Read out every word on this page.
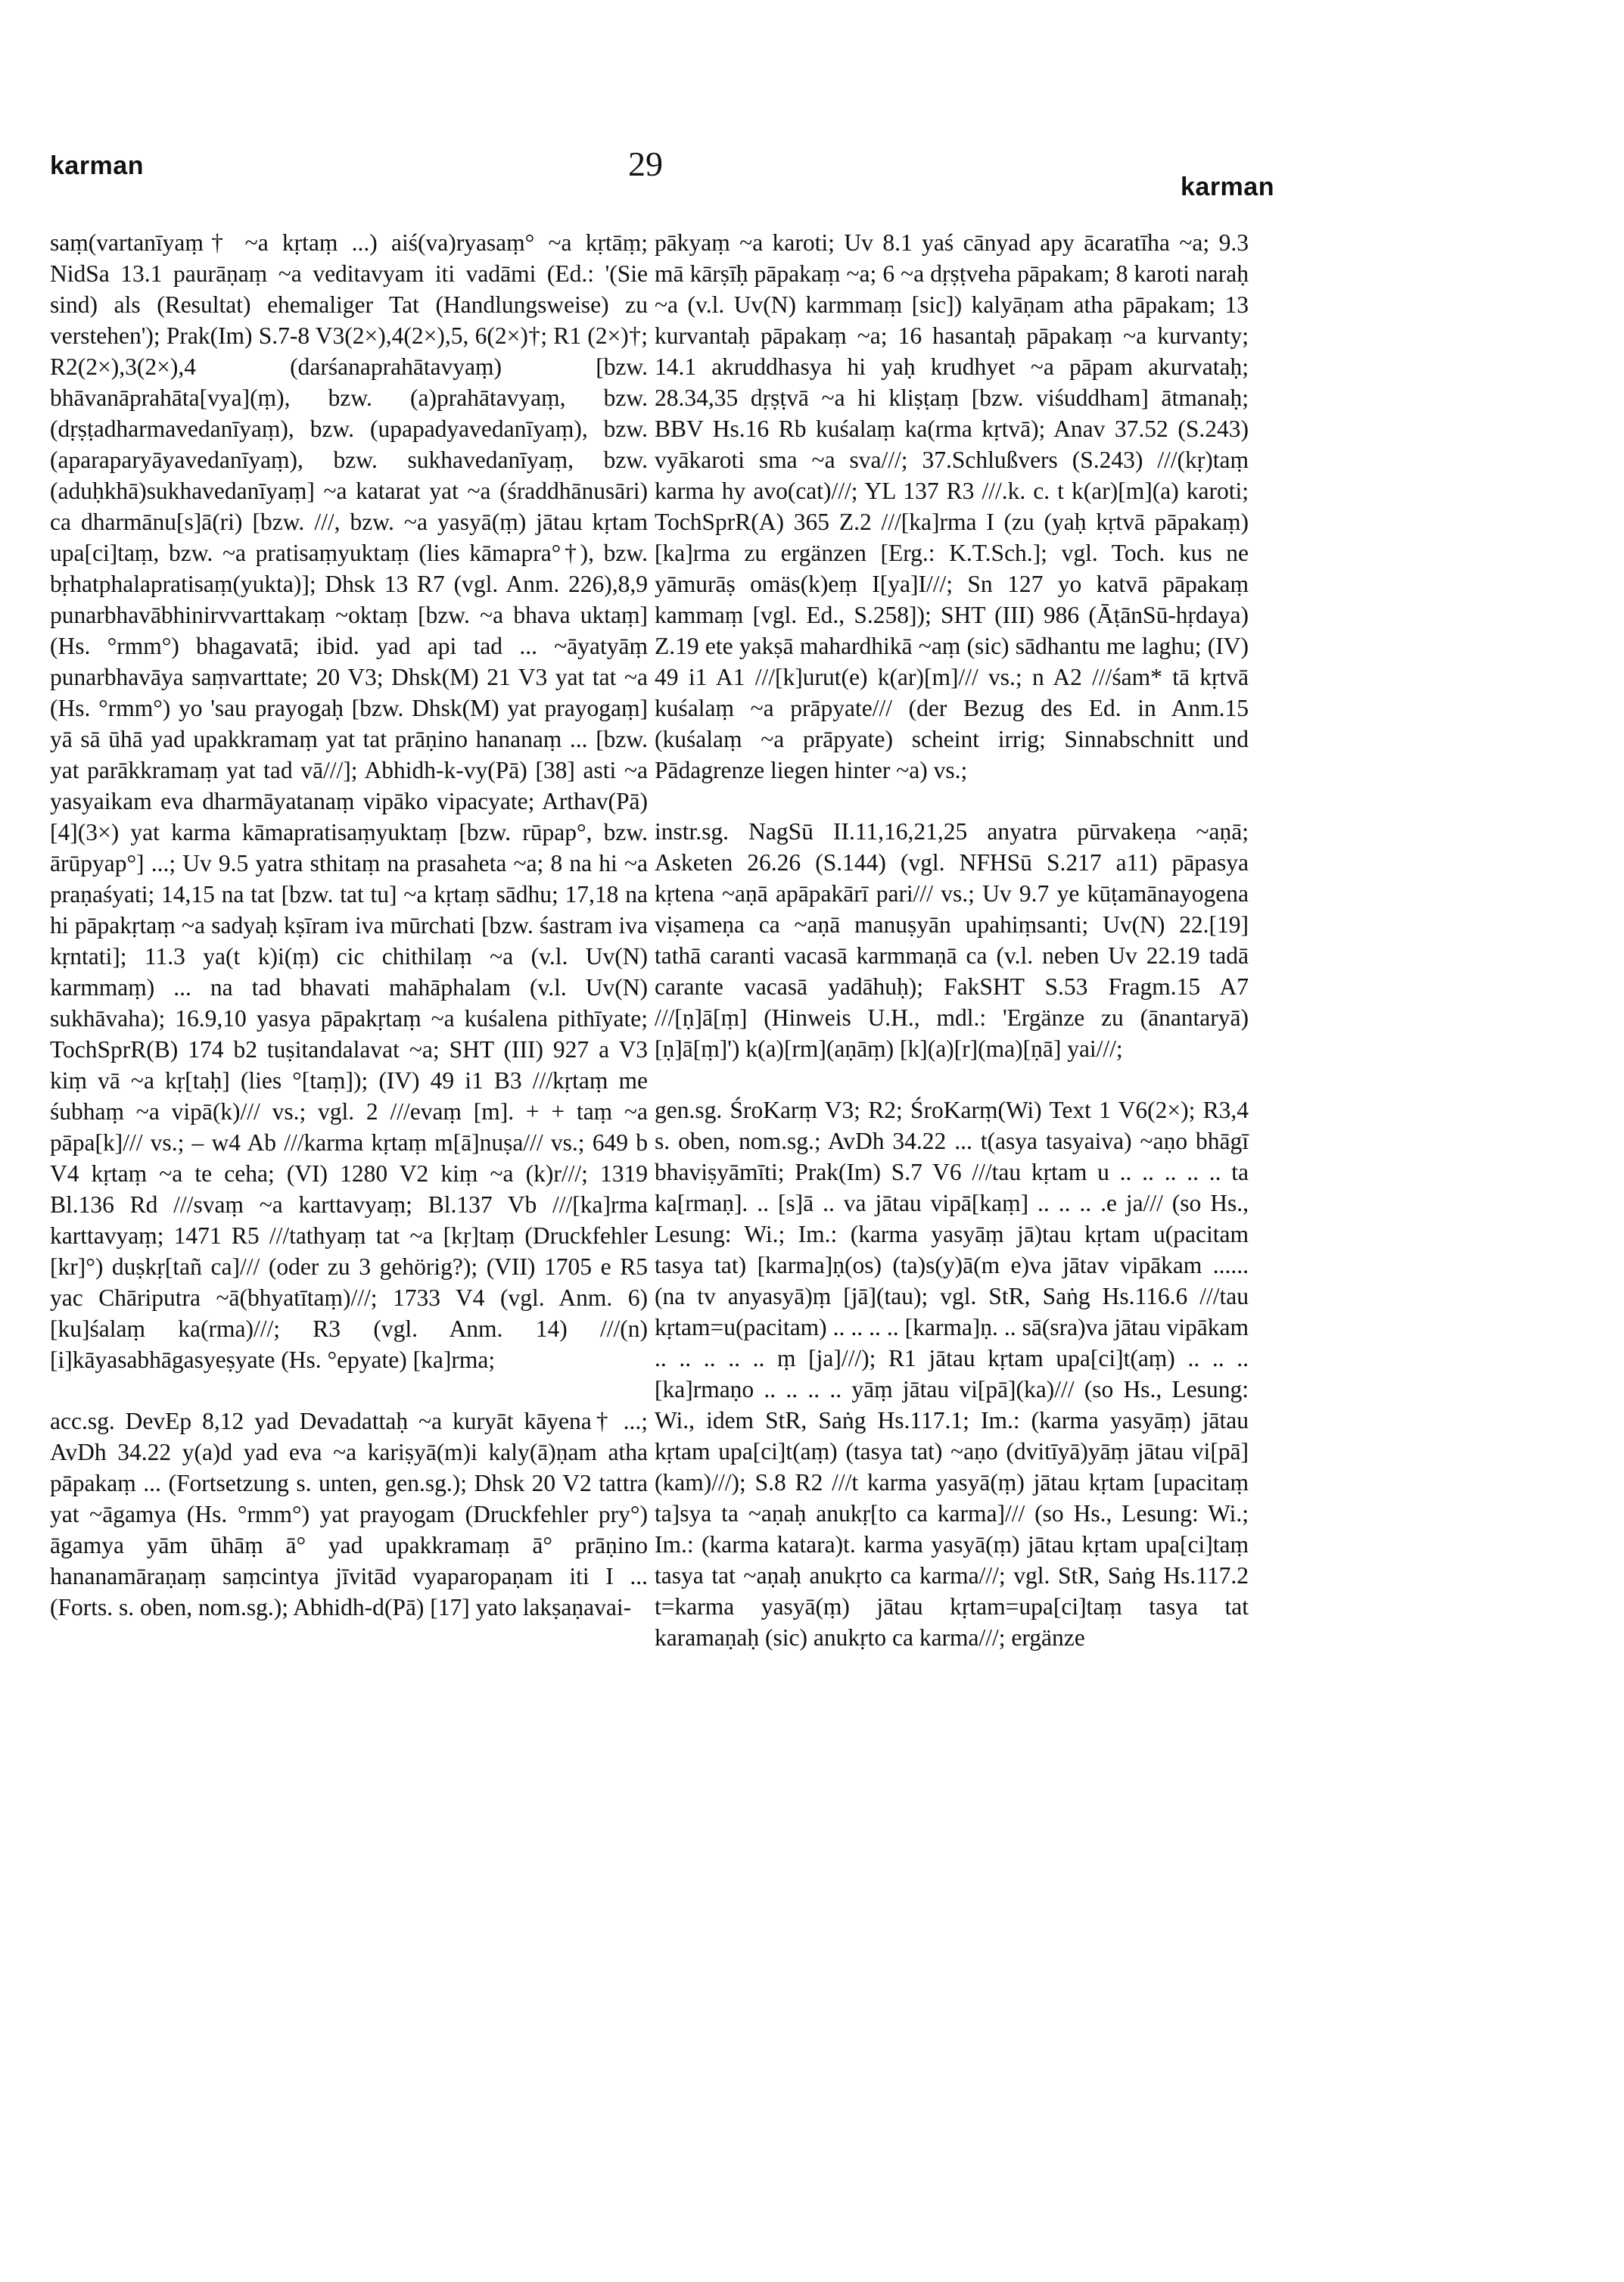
karman	29
karman

saṃ(vartanīyaṃ† ~a kṛtaṃ ...) aiś(va)ryasaṃ° ~a kṛtāṃ; NidSa 13.1 paurāṇaṃ ~a veditavyam iti vadāmi (Ed.: '(Sie sind) als (Resultat) ehemaliger Tat (Handlungsweise) zu verstehen'); Prak(Im) S.7-8 V3(2×),4(2×),5, 6(2×)†; R1 (2×)†; R2(2×),3(2×),4 (darśanaprahātavyaṃ) [bzw. bhāvanāprahāta[vya](ṃ), bzw. (a)prahātavyaṃ, bzw. (dṛṣṭadharmavedanīyaṃ), bzw. (upapadyavedanīyaṃ), bzw. (aparaparyāyavedanīyaṃ), bzw. sukhavedanīyaṃ, bzw. (aduḥkhā)sukhavedanīyaṃ] ~a katarat yat ~a (śraddhānusāri) ca dharmānu[s]ā(ri) [bzw. ///, bzw. ~a yasyā(ṃ) jātau kṛtam upa[ci]taṃ, bzw. ~a pratisaṃyuktaṃ (lies kāmapra°†), bzw. bṛhatphalapratisaṃ(yukta)]; Dhsk 13 R7 (vgl. Anm. 226),8,9 punarbhavābhinirvvarttakaṃ ~oktaṃ [bzw. ~a bhava uktaṃ] (Hs. °rmm°) bhagavatā; ibid. yad api tad ... ~āyatyāṃ punarbhavāya saṃvarttate; 20 V3; Dhsk(M) 21 V3 yat tat ~a (Hs. °rmm°) yo 'sau prayogaḥ [bzw. Dhsk(M) yat prayogaṃ] yā sā ūhā yad upakkramaṃ yat tat prāṇino hananaṃ ... [bzw. yat parākkramaṃ yat tad vā///]; Abhidh-k-vy(Pā) [38] asti ~a yasyaikam eva dharmāyatanaṃ vipāko vipacyate; Arthav(Pā) [4](3×) yat karma kāmapratisaṃyuktaṃ [bzw. rūpap°, bzw. ārūpyap°] ...; Uv 9.5 yatra sthitaṃ na prasaheta ~a; 8 na hi ~a praṇaśyati; 14,15 na tat [bzw. tat tu] ~a kṛtaṃ sādhu; 17,18 na hi pāpakṛtaṃ ~a sadyaḥ kṣīram iva mūrchati [bzw. śastram iva kṛntati]; 11.3 ya(t k)i(ṃ) cic chithilaṃ ~a (v.l. Uv(N) karmmaṃ) ... na tad bhavati mahāphalam (v.l. Uv(N) sukhāvaha); 16.9,10 yasya pāpakṛtaṃ ~a kuśalena pithīyate; TochSprR(B) 174 b2 tuṣitandalavat ~a; SHT (III) 927 a V3 kiṃ vā ~a kṛ[taḥ] (lies °[taṃ]); (IV) 49 i1 B3 ///kṛtaṃ me śubhaṃ ~a vipā(k)/// vs.; vgl. 2 ///evaṃ [m]. + + taṃ ~a pāpa[k]/// vs.; – w4 Ab ///karma kṛtaṃ m[ā]nuṣa/// vs.; 649 b V4 kṛtaṃ ~a te ceha; (VI) 1280 V2 kiṃ ~a (k)r///; 1319 Bl.136 Rd ///svaṃ ~a karttavyaṃ; Bl.137 Vb ///[ka]rma karttavyaṃ; 1471 R5 ///tathyaṃ tat ~a [kṛ]taṃ (Druckfehler [kr]°) duṣkṛ[tañ ca]/// (oder zu 3 gehörig?); (VII) 1705 e R5 yac Chāriputra ~ā(bhyatītaṃ)///; 1733 V4 (vgl. Anm. 6) [ku]śalaṃ ka(rma)///; R3 (vgl. Anm. 14) ///(n)[i]kāyasabhāgasyeṣyate (Hs. °epyate) [ka]rma;

acc.sg. DevEp 8,12 yad Devadattaḥ ~a kuryāt kāyena† ...; AvDh 34.22 y(a)d yad eva ~a kariṣyā(m)i kaly(ā)ṇam atha pāpakaṃ ... (Fortsetzung s. unten, gen.sg.); Dhsk 20 V2 tattra yat ~āgamya (Hs. °rmm°) yat prayogam (Druckfehler pry°) āgamya yām ūhāṃ ā° yad upakkramaṃ ā° prāṇino hananamāraṇaṃ saṃcintya jīvitād vyaparopaṇam iti I ... (Forts. s. oben, nom.sg.); Abhidh-d(Pā) [17] yato lakṣaṇavai-

pākyaṃ ~a karoti; Uv 8.1 yaś cānyad apy ācaratīha ~a; 9.3 mā kārṣīḥ pāpakaṃ ~a; 6 ~a dṛṣṭveha pāpakam; 8 karoti naraḥ ~a (v.l. Uv(N) karmmaṃ [sic]) kalyāṇam atha pāpakam; 13 kurvantaḥ pāpakaṃ ~a; 16 hasantaḥ pāpakaṃ ~a kurvanty; 14.1 akruddhasya hi yaḥ krudhyet ~a pāpam akurvataḥ; 28.34,35 dṛṣṭvā ~a hi kliṣṭaṃ [bzw. viśuddham] ātmanaḥ; BBV Hs.16 Rb kuśalaṃ ka(rma kṛtvā); Anav 37.52 (S.243) vyākaroti sma ~a sva///; 37.Schlußvers (S.243) ///(kṛ)taṃ karma hy avo(cat)///; YL 137 R3 ///.k. c. t k(ar)[m](a) karoti; TochSprR(A) 365 Z.2 ///[ka]rma I (zu (yaḥ kṛtvā pāpakaṃ) [ka]rma zu ergänzen [Erg.: K.T.Sch.]; vgl. Toch. kus ne yāmurāṣ omäs(k)eṃ I[ya]I///; Sn 127 yo katvā pāpakaṃ kammaṃ [vgl. Ed., S.258]); SHT (III) 986 (ĀṭānSū-hṛdaya) Z.19 ete yakṣā mahardhikā ~aṃ (sic) sādhantu me laghu; (IV) 49 i1 A1 ///[k]urut(e) k(ar)[m]/// vs.; n A2 ///śam* tā kṛtvā kuśalaṃ ~a prāpyate/// (der Bezug des Ed. in Anm.15 (kuśalaṃ ~a prāpyate) scheint irrig; Sinnabschnitt und Pādagrenze liegen hinter ~a) vs.;

instr.sg. NagSū II.11,16,21,25 anyatra pūrvakeṇa ~aṇā; Asketen 26.26 (S.144) (vgl. NFHSū S.217 a11) pāpasya kṛtena ~aṇā apāpakārī pari/// vs.; Uv 9.7 ye kūṭamānayogena viṣameṇa ca ~aṇā manuṣyān upahiṃsanti; Uv(N) 22.[19] tathā caranti vacasā karmmaṇā ca (v.l. neben Uv 22.19 tadā carante vacasā yadāhuḥ); FakSHT S.53 Fragm.15 A7 ///[ṇ]ā[ṃ] (Hinweis U.H., mdl.: 'Ergänze zu (ānantaryā)[ṇ]ā[ṃ]') k(a)[rm](aṇāṃ) [k](a)[r](ma)[ṇā] yai///;

gen.sg. ŚroKarṃ V3; R2; ŚroKarṃ(Wi) Text 1 V6(2×); R3,4 s. oben, nom.sg.; AvDh 34.22 ... t(asya tasyaiva) ~aṇo bhāgī bhaviṣyāmīti; Prak(Im) S.7 V6 ///tau kṛtam u .. .. .. .. .. ta ka[rmaṇ]. .. [s]ā .. va jātau vipā[kaṃ] .. .. .. .e ja/// (so Hs., Lesung: Wi.; Im.: (karma yasyāṃ jā)tau kṛtam u(pacitam tasya tat) [karma]ṇ(os) (ta)s(y)ā(m e)va jātav vipākam ...... (na tv anyasyā)ṃ [jā](tau); vgl. StR, Saṅg Hs.116.6 ///tau kṛtam=u(pacitam) .. .. .. .. [karma]ṇ. .. sā(sra)va jātau vipākam .. .. .. .. .. ṃ [ja]///); R1 jātau kṛtam upa[ci]t(aṃ) .. .. .. [ka]rmaṇo .. .. .. .. yāṃ jātau vi[pā](ka)/// (so Hs., Lesung: Wi., idem StR, Saṅg Hs.117.1; Im.: (karma yasyāṃ) jātau kṛtam upa[ci]t(aṃ) (tasya tat) ~aṇo (dvitīyā)yāṃ jātau vi[pā](kam)///); S.8 R2 ///t karma yasyā(ṃ) jātau kṛtam [upacitaṃ ta]sya ta ~aṇaḥ anukṛ[to ca karma]/// (so Hs., Lesung: Wi.; Im.: (karma katara)t. karma yasyā(ṃ) jātau kṛtam upa[ci]taṃ tasya tat ~aṇaḥ anukṛto ca karma///; vgl. StR, Saṅg Hs.117.2 t=karma yasyā(ṃ) jātau kṛtam=upa[ci]taṃ tasya tat karamaṇaḥ (sic) anukṛto ca karma///; ergänze
